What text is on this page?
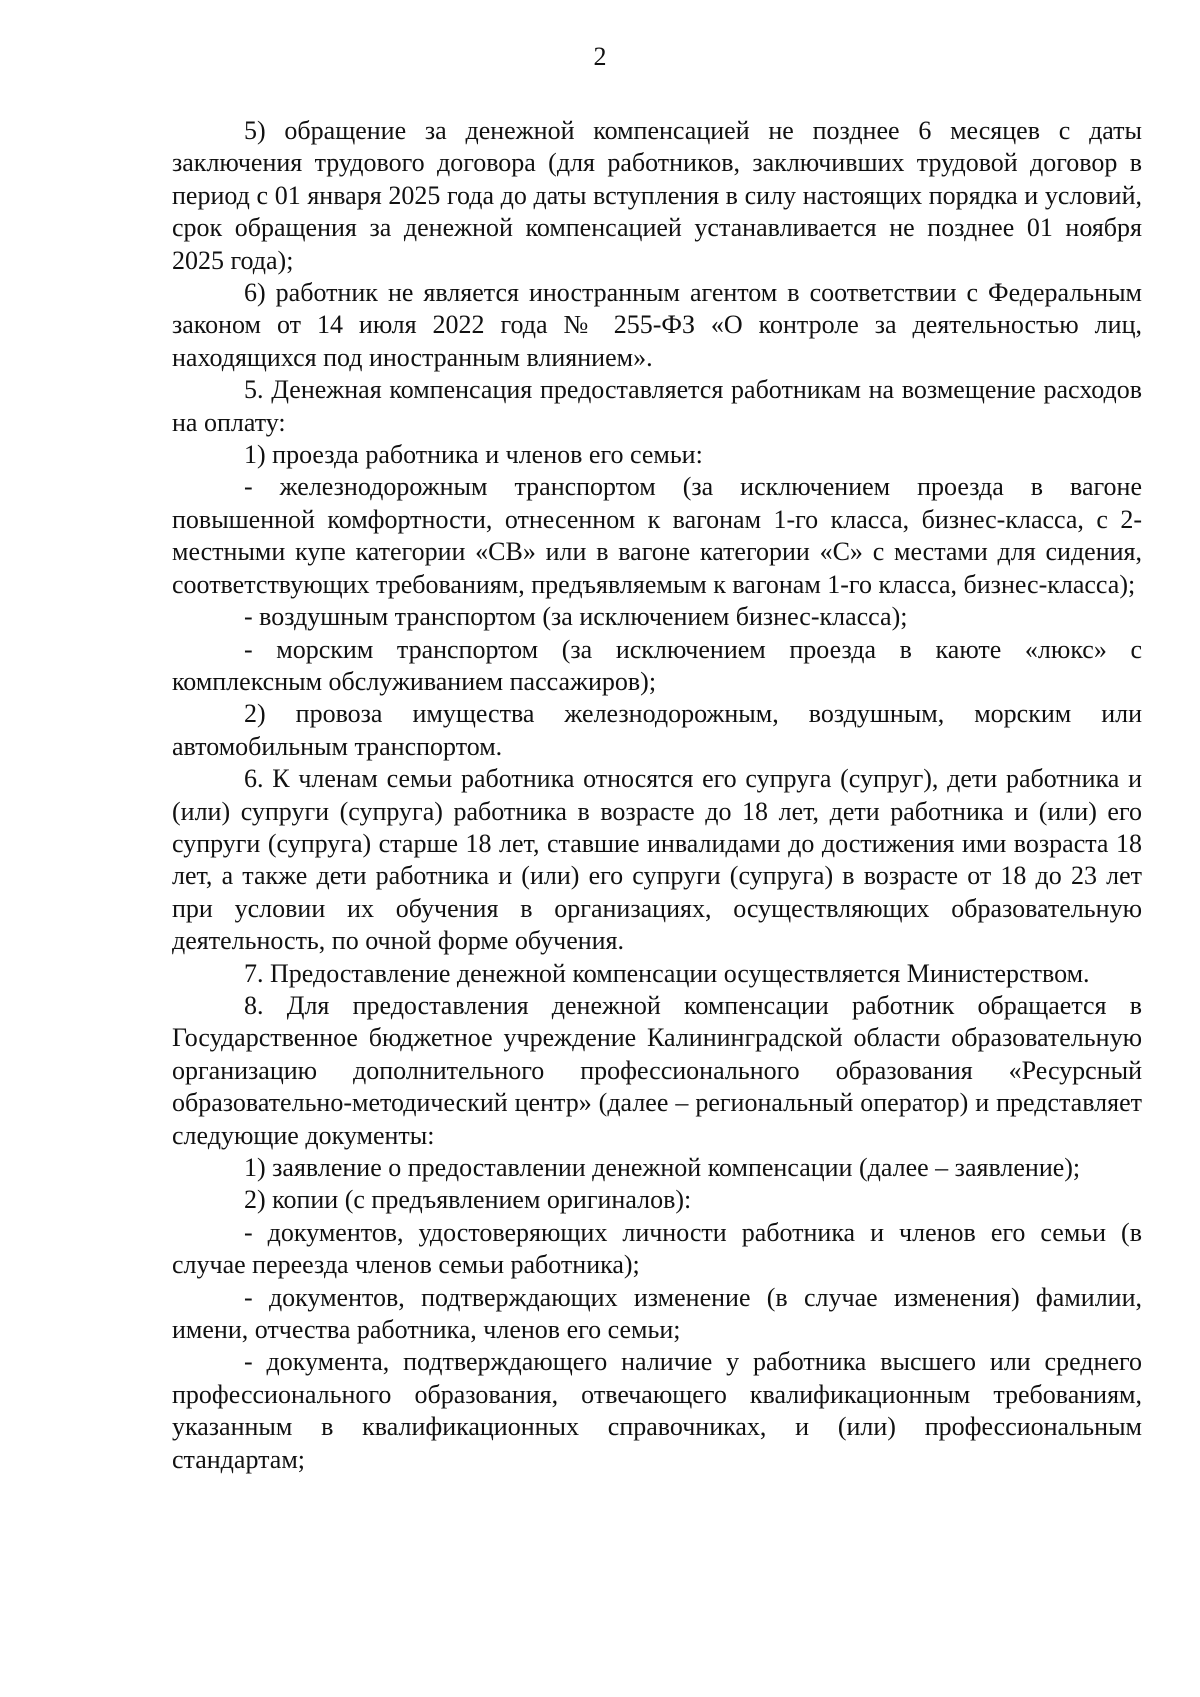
2

5) обращение за денежной компенсацией не позднее 6 месяцев с даты заключения трудового договора (для работников, заключивших трудовой договор в период с 01 января 2025 года до даты вступления в силу настоящих порядка и условий, срок обращения за денежной компенсацией устанавливается не позднее 01 ноября 2025 года);

6) работник не является иностранным агентом в соответствии с Федеральным законом от 14 июля 2022 года № 255-ФЗ «О контроле за деятельностью лиц, находящихся под иностранным влиянием».

5. Денежная компенсация предоставляется работникам на возмещение расходов на оплату:

1) проезда работника и членов его семьи:

- железнодорожным транспортом (за исключением проезда в вагоне повышенной комфортности, отнесенном к вагонам 1-го класса, бизнес-класса, с 2-местными купе категории «СВ» или в вагоне категории «С» с местами для сидения, соответствующих требованиям, предъявляемым к вагонам 1-го класса, бизнес-класса);

- воздушным транспортом (за исключением бизнес-класса);

- морским транспортом (за исключением проезда в каюте «люкс» с комплексным обслуживанием пассажиров);

2) провоза имущества железнодорожным, воздушным, морским или автомобильным транспортом.

6. К членам семьи работника относятся его супруга (супруг), дети работника и (или) супруги (супруга) работника в возрасте до 18 лет, дети работника и (или) его супруги (супруга) старше 18 лет, ставшие инвалидами до достижения ими возраста 18 лет, а также дети работника и (или) его супруги (супруга) в возрасте от 18 до 23 лет при условии их обучения в организациях, осуществляющих образовательную деятельность, по очной форме обучения.

7. Предоставление денежной компенсации осуществляется Министерством.

8. Для предоставления денежной компенсации работник обращается в Государственное бюджетное учреждение Калининградской области образовательную организацию дополнительного профессионального образования «Ресурсный образовательно-методический центр» (далее – региональный оператор) и представляет следующие документы:

1) заявление о предоставлении денежной компенсации (далее – заявление);

2) копии (с предъявлением оригиналов):

- документов, удостоверяющих личности работника и членов его семьи (в случае переезда членов семьи работника);

- документов, подтверждающих изменение (в случае изменения) фамилии, имени, отчества работника, членов его семьи;

- документа, подтверждающего наличие у работника высшего или среднего профессионального образования, отвечающего квалификационным требованиям, указанным в квалификационных справочниках, и (или) профессиональным стандартам;
